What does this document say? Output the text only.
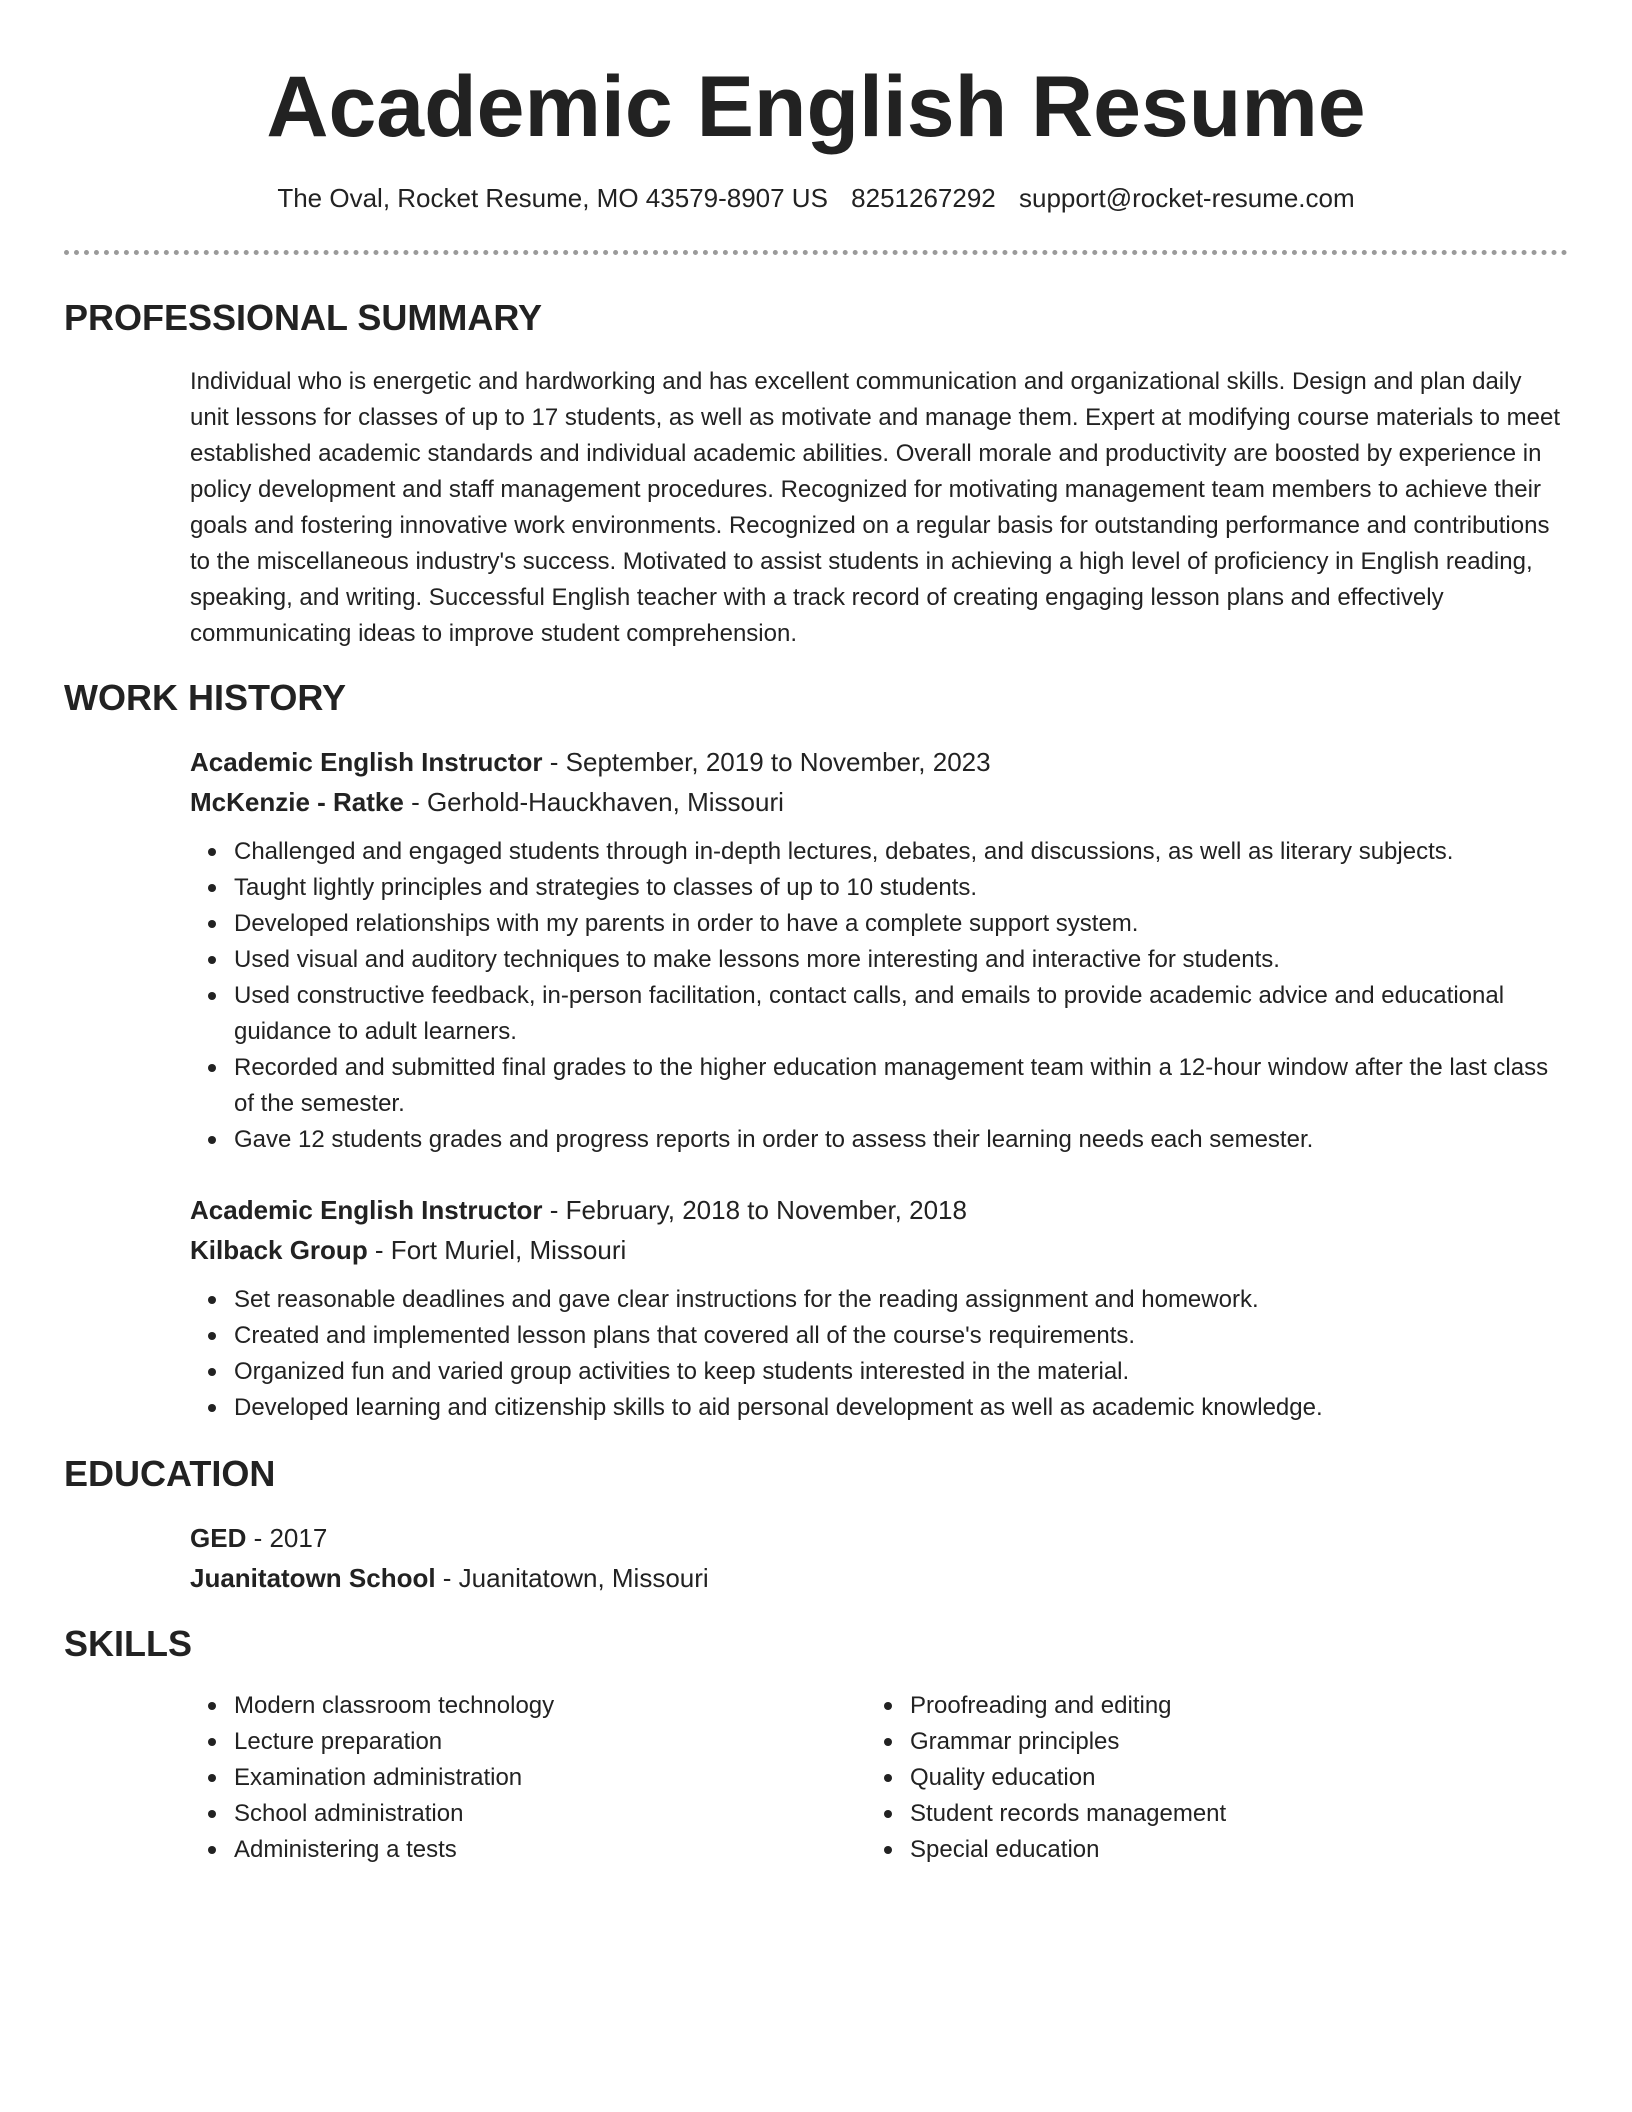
Academic English Resume
The Oval, Rocket Resume, MO 43579-8907 US 8251267292 support@rocket-resume.com
PROFESSIONAL SUMMARY
Individual who is energetic and hardworking and has excellent communication and organizational skills. Design and plan daily unit lessons for classes of up to 17 students, as well as motivate and manage them. Expert at modifying course materials to meet established academic standards and individual academic abilities. Overall morale and productivity are boosted by experience in policy development and staff management procedures. Recognized for motivating management team members to achieve their goals and fostering innovative work environments. Recognized on a regular basis for outstanding performance and contributions to the miscellaneous industry's success. Motivated to assist students in achieving a high level of proficiency in English reading, speaking, and writing. Successful English teacher with a track record of creating engaging lesson plans and effectively communicating ideas to improve student comprehension.
WORK HISTORY
Academic English Instructor - September, 2019 to November, 2023
McKenzie - Ratke - Gerhold-Hauckhaven, Missouri
Challenged and engaged students through in-depth lectures, debates, and discussions, as well as literary subjects.
Taught lightly principles and strategies to classes of up to 10 students.
Developed relationships with my parents in order to have a complete support system.
Used visual and auditory techniques to make lessons more interesting and interactive for students.
Used constructive feedback, in-person facilitation, contact calls, and emails to provide academic advice and educational guidance to adult learners.
Recorded and submitted final grades to the higher education management team within a 12-hour window after the last class of the semester.
Gave 12 students grades and progress reports in order to assess their learning needs each semester.
Academic English Instructor - February, 2018 to November, 2018
Kilback Group - Fort Muriel, Missouri
Set reasonable deadlines and gave clear instructions for the reading assignment and homework.
Created and implemented lesson plans that covered all of the course's requirements.
Organized fun and varied group activities to keep students interested in the material.
Developed learning and citizenship skills to aid personal development as well as academic knowledge.
EDUCATION
GED - 2017
Juanitatown School - Juanitatown, Missouri
SKILLS
Modern classroom technology
Lecture preparation
Examination administration
School administration
Administering a tests
Proofreading and editing
Grammar principles
Quality education
Student records management
Special education
